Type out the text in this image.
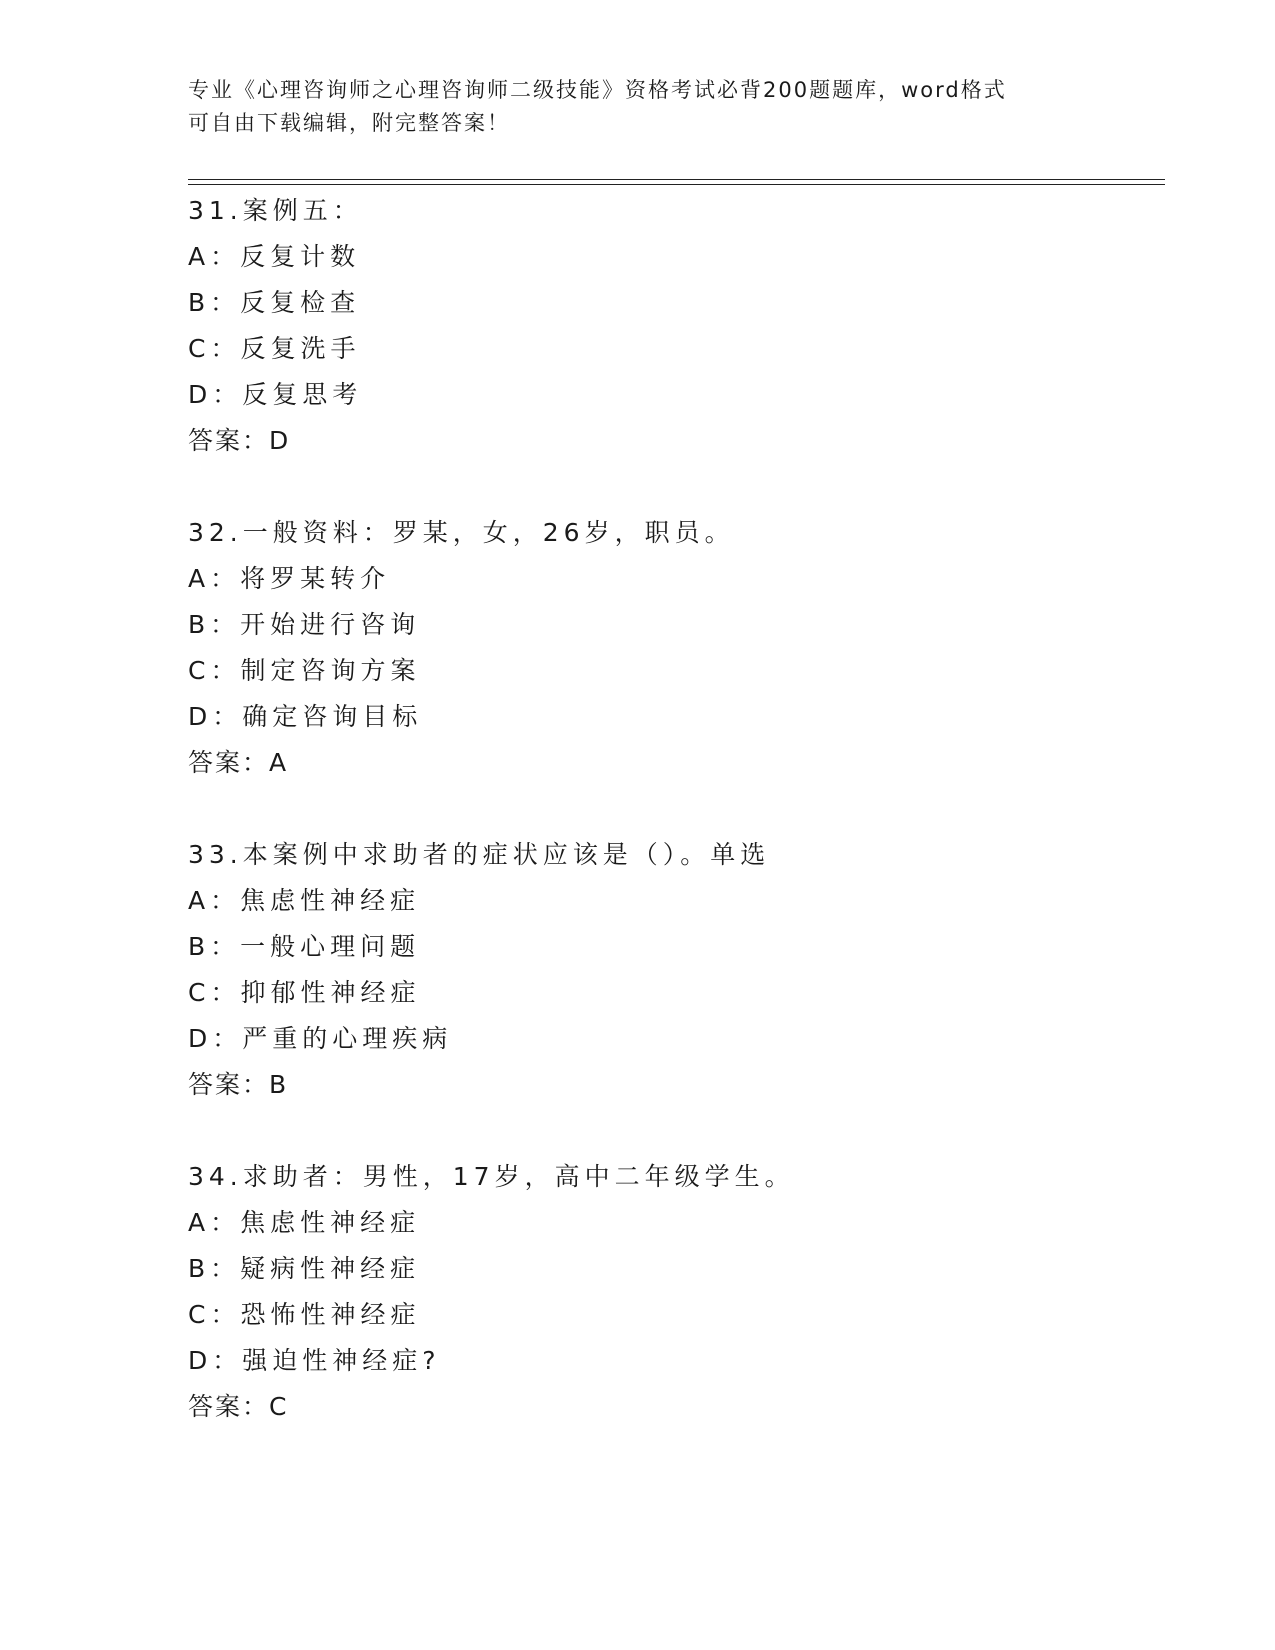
专业《心理咨询师之心理咨询师二级技能》资格考试必背200题题库，word格式
可自由下载编辑，附完整答案！
31.案例五：
A：反复计数
B：反复检查
C：反复洗手
D：反复思考
答案：D
32.一般资料：罗某，女，26岁，职员。
A：将罗某转介
B：开始进行咨询
C：制定咨询方案
D：确定咨询目标
答案：A
33.本案例中求助者的症状应该是（）。单选
A：焦虑性神经症
B：一般心理问题
C：抑郁性神经症
D：严重的心理疾病
答案：B
34.求助者：男性，17岁，高中二年级学生。
A：焦虑性神经症
B：疑病性神经症
C：恐怖性神经症
D：强迫性神经症?
答案：C
